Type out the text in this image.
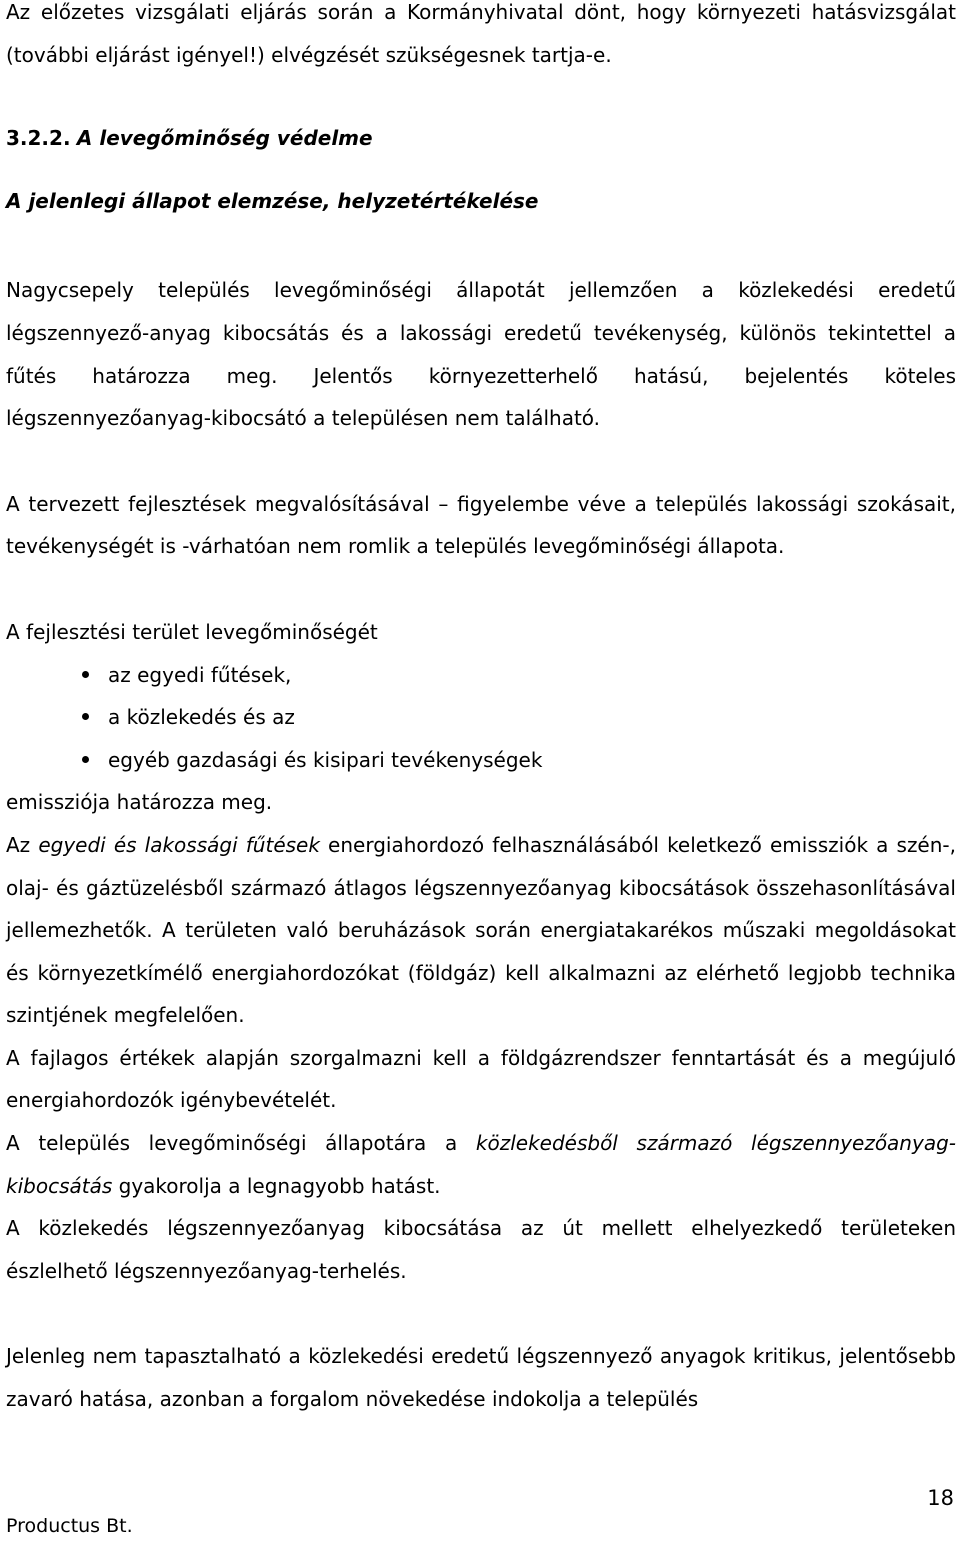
Az előzetes vizsgálati eljárás során a Kormányhivatal dönt, hogy környezeti hatásvizsgálat (további eljárást igényel!) elvégzését szükségesnek tartja-e.

3.2.2. A levegőminőség védelme

A jelenlegi állapot elemzése, helyzetértékelése

Nagycsepely település levegőminőségi állapotát jellemzően a közlekedési eredetű légszennyező-anyag kibocsátás és a lakossági eredetű tevékenység, különös tekintettel a fűtés határozza meg. Jelentős környezetterhelő hatású, bejelentés köteles légszennyezőanyag-kibocsátó a településen nem található.

A tervezett fejlesztések megvalósításával – figyelembe véve a település lakossági szokásait, tevékenységét is -várhatóan nem romlik a település levegőminőségi állapota.

A fejlesztési terület levegőminőségét

az egyedi fűtések,
a közlekedés és az
egyéb gazdasági és kisipari tevékenységek

emissziója határozza meg.

Az egyedi és lakossági fűtések energiahordozó felhasználásából keletkező emissziók a szén-, olaj- és gáztüzelésből származó átlagos légszennyezőanyag kibocsátások összehasonlításával jellemezhetők. A területen való beruházások során energiatakarékos műszaki megoldásokat és környezetkímélő energiahordozókat (földgáz) kell alkalmazni az elérhető legjobb technika szintjének megfelelően.

A fajlagos értékek alapján szorgalmazni kell a földgázrendszer fenntartását és a megújuló energiahordozók igénybevételét.

A település levegőminőségi állapotára a közlekedésből származó légszennyezőanyag-kibocsátás gyakorolja a legnagyobb hatást.

A közlekedés légszennyezőanyag kibocsátása az út mellett elhelyezkedő területeken észlelhető légszennyezőanyag-terhelés.

Jelenleg nem tapasztalható a közlekedési eredetű légszennyező anyagok kritikus, jelentősebb zavaró hatása, azonban a forgalom növekedése indokolja a település

18
Productus Bt.
